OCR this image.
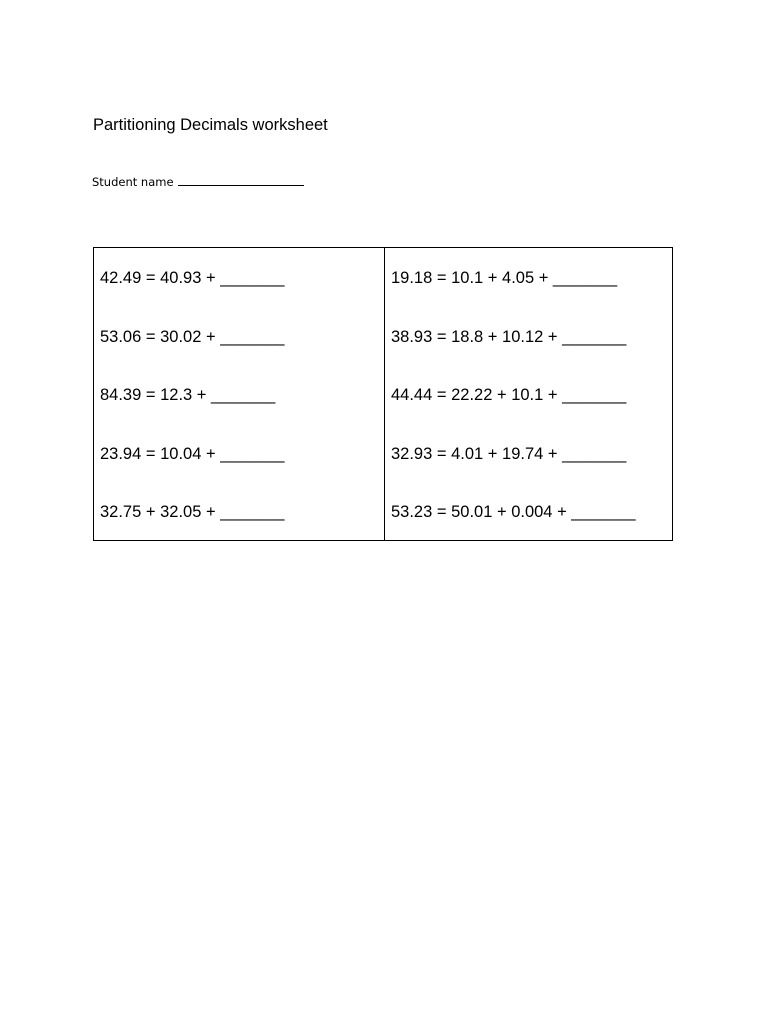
Partitioning Decimals worksheet
Student name
42.49 = 40.93 + _______
53.06 = 30.02 + _______
84.39 = 12.3 + _______
23.94 = 10.04 + _______
32.75 + 32.05 + _______
19.18 = 10.1 + 4.05 + _______
38.93 = 18.8 + 10.12 + _______
44.44 = 22.22 + 10.1 + _______
32.93 = 4.01 + 19.74 + _______
53.23 = 50.01 + 0.004 + _______
